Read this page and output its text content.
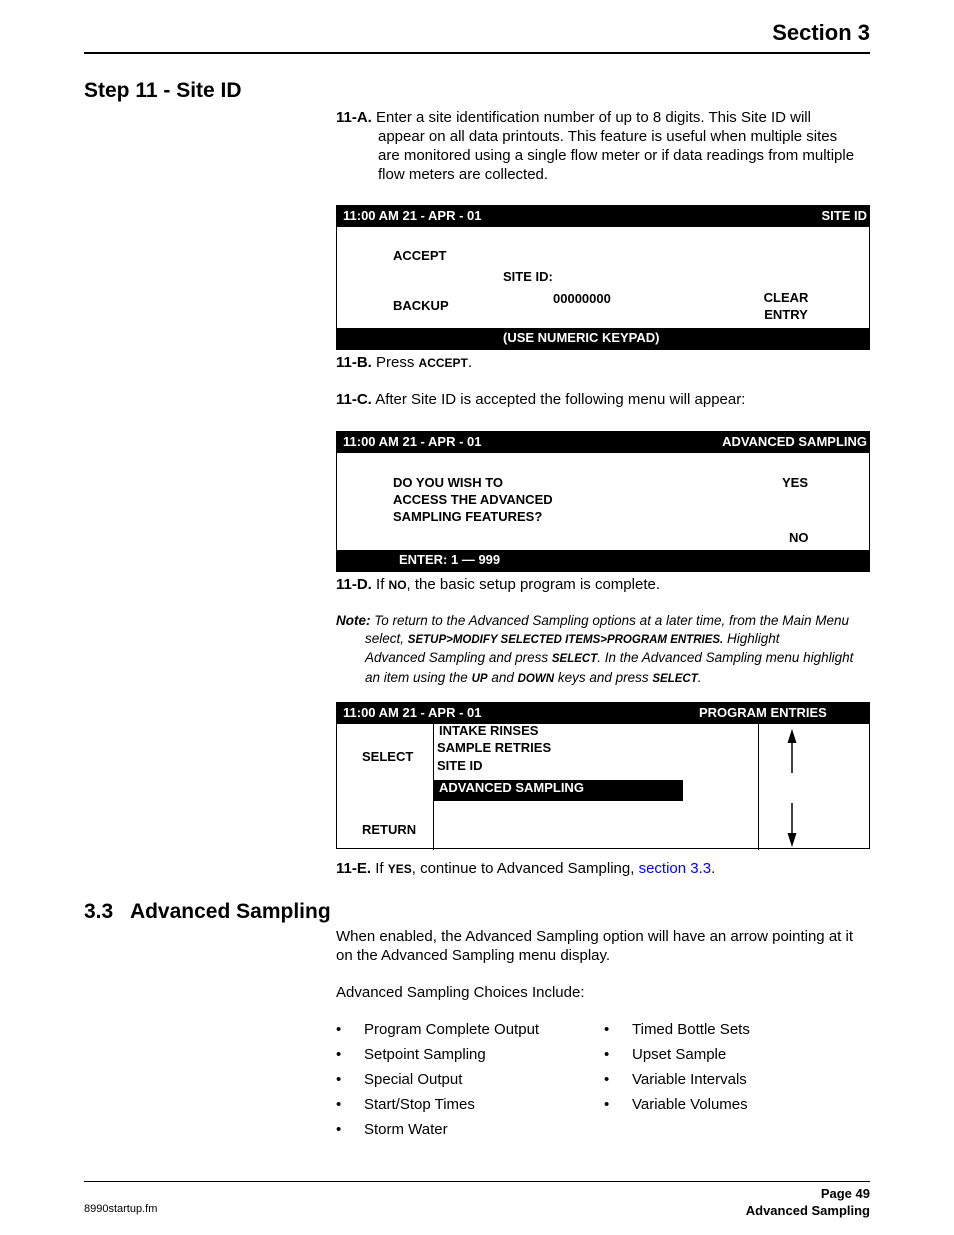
Section 3
Step 11 - Site ID
11-A. Enter a site identification number of up to 8 digits. This Site ID will
appear on all data printouts. This feature is useful when multiple sites
are monitored using a single flow meter or if data readings from multiple
flow meters are collected.
11:00 AM 21 - APR - 01	SITE ID
ACCEPT
BACKUP
SITE ID:
00000000	CLEAR
ENTRY
(USE NUMERIC KEYPAD)
11-B. Press ACCEPT.
11-C. After Site ID is accepted the following menu will appear:
11:00 AM 21 - APR - 01	ADVANCED SAMPLING
DO YOU WISH TO
ACCESS THE ADVANCED
SAMPLING FEATURES?
YES
NO
ENTER: 1 — 999
11-D. If NO, the basic setup program is complete.
Note: To return to the Advanced Sampling options at a later time, from the Main Menu
select, SETUP>MODIFY SELECTED ITEMS>PROGRAM ENTRIES. Highlight
Advanced Sampling and press SELECT. In the Advanced Sampling menu highlight
an item using the UP and DOWN keys and press SELECT.
11:00 AM 21 - APR - 01	PROGRAM ENTRIES
SELECT
RETURN
INTAKE RINSES
SAMPLE RETRIES
SITE ID
ADVANCED SAMPLING
11-E. If YES, continue to Advanced Sampling, section 3.3.
3.3 Advanced Sampling
When enabled, the Advanced Sampling option will have an arrow pointing at it
on the Advanced Sampling menu display.
Advanced Sampling Choices Include:
• Program Complete Output
• Setpoint Sampling
• Special Output
• Start/Stop Times
• Storm Water
• Timed Bottle Sets
• Upset Sample
• Variable Intervals
• Variable Volumes
8990startup.fm
Page 49
Advanced Sampling
